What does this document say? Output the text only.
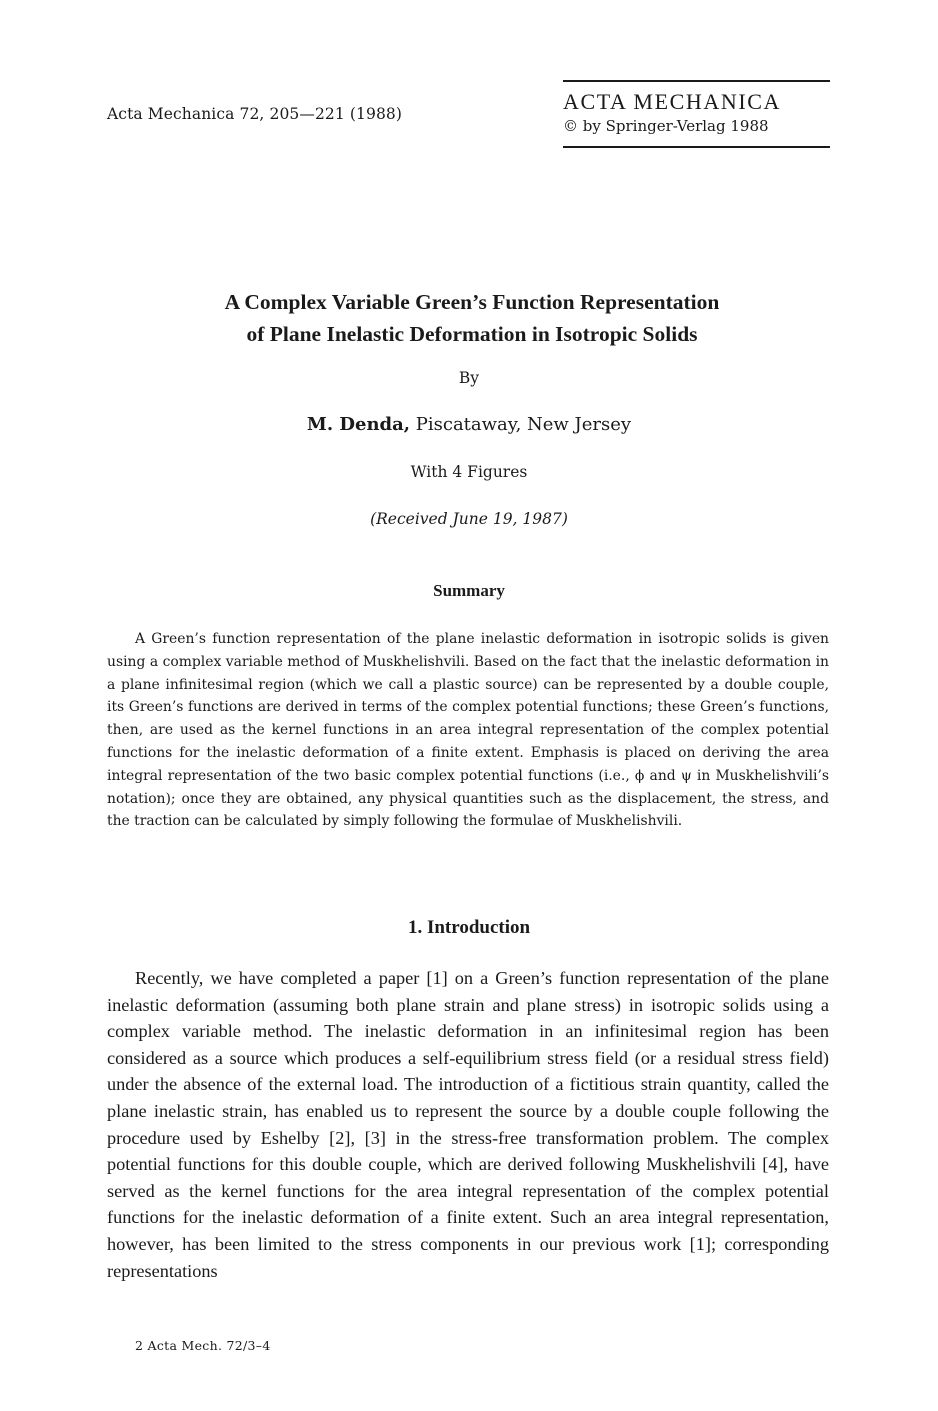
Acta Mechanica 72, 205—221 (1988)	ACTA MECHANICA
© by Springer-Verlag 1988
A Complex Variable Green’s Function Representation
of Plane Inelastic Deformation in Isotropic Solids
By
M. Denda, Piscataway, New Jersey
With 4 Figures
(Received June 19, 1987)
Summary

A Green’s function representation of the plane inelastic deformation in isotropic solids is given using a complex variable method of Muskhelishvili. Based on the fact that the inelastic deformation in a plane infinitesimal region (which we call a plastic source) can be represented by a double couple, its Green’s functions are derived in terms of the complex potential functions; these Green’s functions, then, are used as the kernel functions in an area integral representation of the complex potential functions for the inelastic deformation of a finite extent. Emphasis is placed on deriving the area integral representation of the two basic complex potential functions (i.e., ϕ and ψ in Muskhelishvili’s notation); once they are obtained, any physical quantities such as the displacement, the stress, and the traction can be calculated by simply following the formulae of Muskhelishvili.

1. Introduction

Recently, we have completed a paper [1] on a Green’s function representation of the plane inelastic deformation (assuming both plane strain and plane stress) in isotropic solids using a complex variable method. The inelastic deformation in an infinitesimal region has been considered as a source which produces a self-equilibrium stress field (or a residual stress field) under the absence of the external load. The introduction of a fictitious strain quantity, called the plane inelastic strain, has enabled us to represent the source by a double couple following the procedure used by Eshelby [2], [3] in the stress-free transformation problem. The complex potential functions for this double couple, which are derived following Muskhelishvili [4], have served as the kernel functions for the area integral representation of the complex potential functions for the inelastic deformation of a finite extent. Such an area integral representation, however, has been limited to the stress components in our previous work [1]; corresponding representations

2 Acta Mech. 72/3–4
